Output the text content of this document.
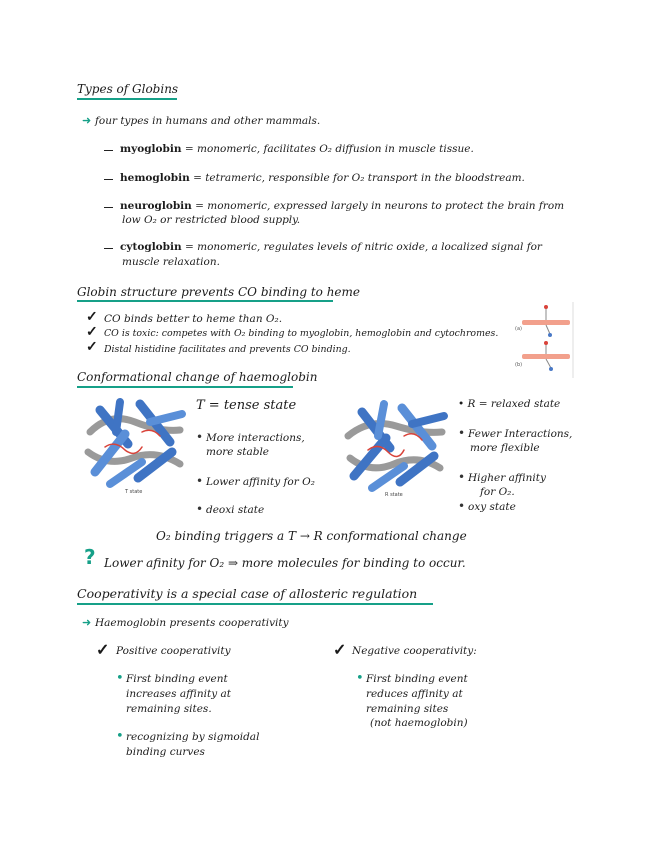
Types of Globins
➜ four types in humans and other mammals.
myoglobin = monomeric, facilitates O₂ diffusion in muscle tissue.
hemoglobin = tetrameric, responsible for O₂ transport in the bloodstream.
neuroglobin = monomeric, expressed largely in neurons to protect the brain from
low O₂ or restricted blood supply.
cytoglobin = monomeric, regulates levels of nitric oxide, a localized signal for
muscle relaxation.
Globin structure prevents CO binding to heme
✓ CO binds better to heme than O₂.
✓ CO is toxic: competes with O₂ binding to myoglobin, hemoglobin and cytochromes.
✓ Distal histidine facilitates and prevents CO binding.
(a)
(b)
Conformational change of haemoglobin
T state
T = tense state
• More interactions,
more stable
• Lower affinity for O₂
• deoxi state
R state
• R = relaxed state
• Fewer Interactions,
more flexible
• Higher affinity
for O₂.
• oxy state
O₂ binding triggers a T → R conformational change
? Lower afinity for O₂ ⇒ more molecules for binding to occur.
Cooperativity is a special case of allosteric regulation
➜ Haemoglobin presents cooperativity
✓ Positive cooperativity
• First binding event
increases affinity at
remaining sites.
• recognizing by sigmoidal
binding curves
✓ Negative cooperativity:
• First binding event
reduces affinity at
remaining sites
(not haemoglobin)
